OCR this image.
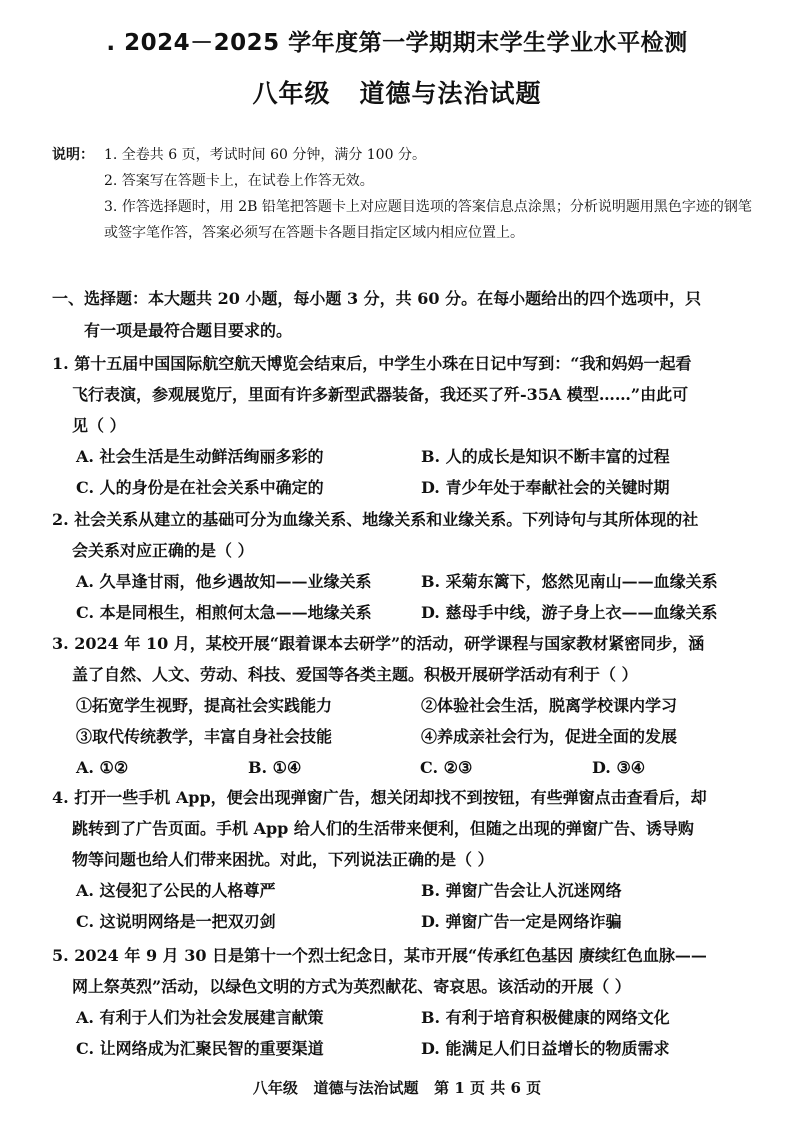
. 2024－2025 学年度第一学期期末学生学业水平检测
八年级   道德与法治试题
说明： 1. 全卷共 6 页，考试时间 60 分钟，满分 100 分。
2. 答案写在答题卡上，在试卷上作答无效。
3. 作答选择题时，用 2B 铅笔把答题卡上对应题目选项的答案信息点涂黑；分析说明题用黑色字迹的钢笔或签字笔作答，答案必须写在答题卡各题目指定区域内相应位置上。
一、选择题：本大题共 20 小题，每小题 3 分，共 60 分。在每小题给出的四个选项中，只
有一项是最符合题目要求的。
1. 第十五届中国国际航空航天博览会结束后，中学生小珠在日记中写到：“我和妈妈一起看
飞行表演，参观展览厅，里面有许多新型武器装备，我还买了歼-35A 模型……”由此可
见（ ）
A. 社会生活是生动鲜活绚丽多彩的	B. 人的成长是知识不断丰富的过程
C. 人的身份是在社会关系中确定的	D. 青少年处于奉献社会的关键时期
2. 社会关系从建立的基础可分为血缘关系、地缘关系和业缘关系。下列诗句与其所体现的社
会关系对应正确的是（ ）
A. 久旱逢甘雨，他乡遇故知——业缘关系	B. 采菊东篱下，悠然见南山——血缘关系
C. 本是同根生，相煎何太急——地缘关系	D. 慈母手中线，游子身上衣——血缘关系
3. 2024 年 10 月，某校开展“跟着课本去研学”的活动，研学课程与国家教材紧密同步，涵
盖了自然、人文、劳动、科技、爱国等各类主题。积极开展研学活动有利于（ ）
①拓宽学生视野，提高社会实践能力	②体验社会生活，脱离学校课内学习
③取代传统教学，丰富自身社会技能	④养成亲社会行为，促进全面的发展
A. ①②	B. ①④	C. ②③	D. ③④
4. 打开一些手机 App，便会出现弹窗广告，想关闭却找不到按钮，有些弹窗点击查看后，却
跳转到了广告页面。手机 App 给人们的生活带来便利，但随之出现的弹窗广告、诱导购
物等问题也给人们带来困扰。对此，下列说法正确的是（ ）
A. 这侵犯了公民的人格尊严	B. 弹窗广告会让人沉迷网络
C. 这说明网络是一把双刃剑	D. 弹窗广告一定是网络诈骗
5. 2024 年 9 月 30 日是第十一个烈士纪念日，某市开展“传承红色基因 赓续红色血脉——
网上祭英烈”活动，以绿色文明的方式为英烈献花、寄哀思。该活动的开展（ ）
A. 有利于人们为社会发展建言献策	B. 有利于培育积极健康的网络文化
C. 让网络成为汇聚民智的重要渠道	D. 能满足人们日益增长的物质需求
八年级   道德与法治试题   第 1 页 共 6 页
